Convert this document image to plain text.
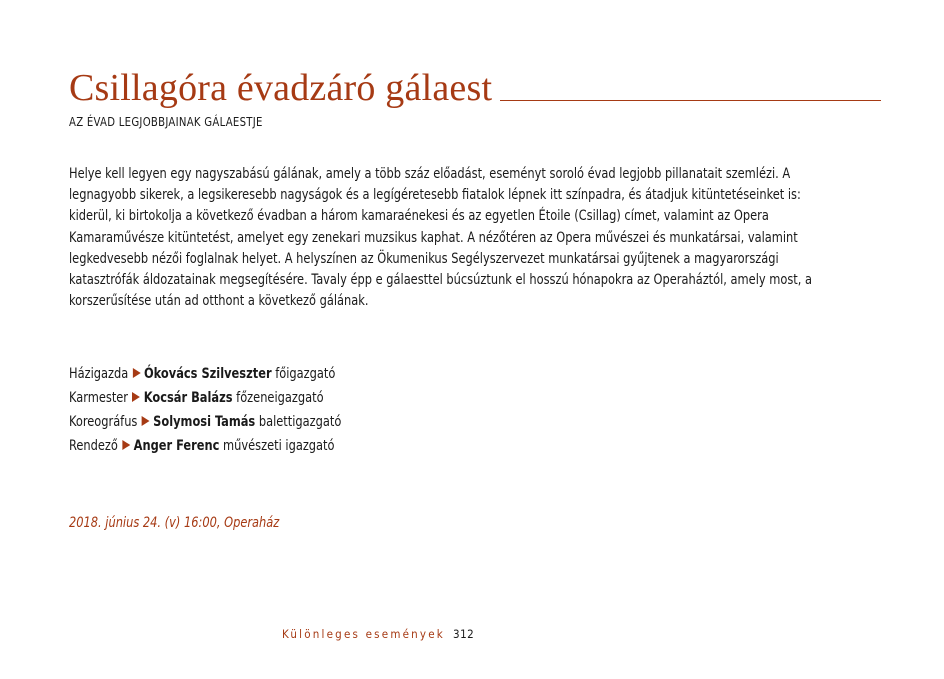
Csillagóra évadzáró gálaest
AZ ÉVAD LEGJOBBJAINAK GÁLAESTJE

Helye kell legyen egy nagyszabású gálának, amely a több száz előadást, eseményt soroló évad legjobb pillanatait szemlézi. A legnagyobb sikerek, a legsikeresebb nagyságok és a legígéretesebb fiatalok lépnek itt színpadra, és átadjuk kitüntetéseinket is: kiderül, ki birtokolja a következő évadban a három kamaraénekesi és az egyetlen Étoile (Csillag) címet, valamint az Opera Kamaraművésze kitüntetést, amelyet egy zenekari muzsikus kaphat. A nézőtéren az Opera művészei és munkatársai, valamint legkedvesebb nézői foglalnak helyet. A helyszínen az Ökumenikus Segélyszervezet munkatársai gyűjtenek a magyarországi katasztrófák áldozatainak megsegítésére. Tavaly épp e gálaesttel búcsúztunk el hosszú hónapokra az Operaháztól, amely most, a korszerűsítése után ad otthont a következő gálának.

Házigazda Ókovács Szilveszter főigazgató
Karmester Kocsár Balázs főzeneigazgató
Koreográfus Solymosi Tamás balettigazgató
Rendező Anger Ferenc művészeti igazgató
2018. június 24. (v) 16:00, Operaház
Különleges események 312
